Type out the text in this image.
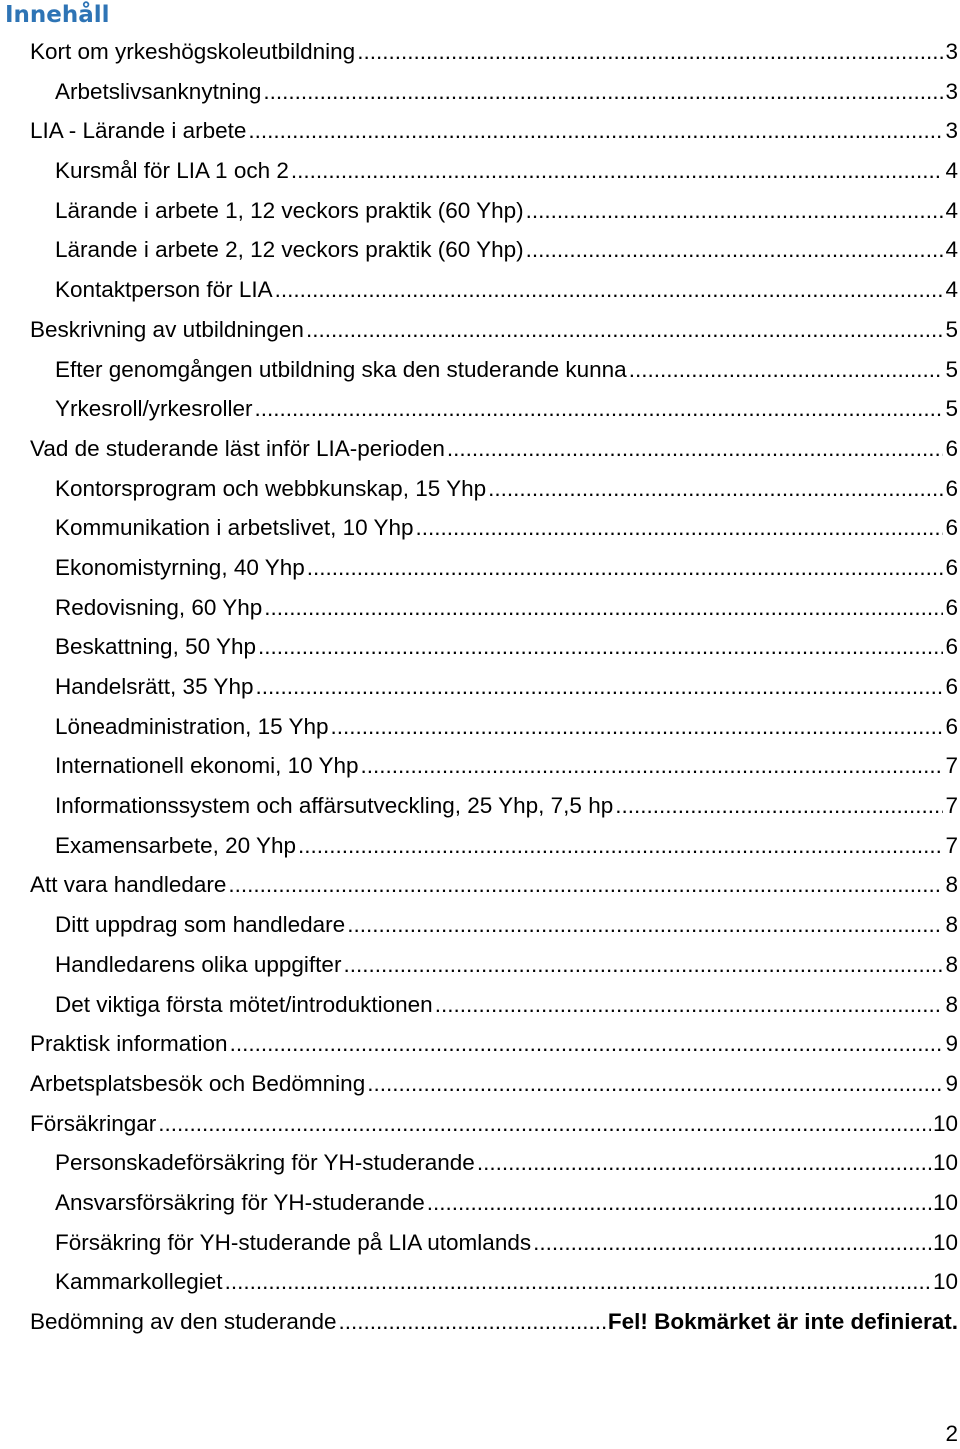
Innehåll
Kort om yrkeshögskoleutbildning .....	3
Arbetslivsanknytning .....	3
LIA - Lärande i arbete .....	3
Kursmål för LIA 1 och 2 .....	4
Lärande i arbete 1, 12 veckors praktik (60 Yhp) .....	4
Lärande i arbete 2, 12 veckors praktik (60 Yhp) .....	4
Kontaktperson för LIA .....	4
Beskrivning av utbildningen .....	5
Efter genomgången utbildning ska den studerande kunna .....	5
Yrkesroll/yrkesroller .....	5
Vad de studerande läst inför LIA-perioden .....	6
Kontorsprogram och webbkunskap, 15 Yhp .....	6
Kommunikation i arbetslivet, 10 Yhp .....	6
Ekonomistyrning, 40 Yhp .....	6
Redovisning, 60 Yhp .....	6
Beskattning, 50 Yhp .....	6
Handelsrätt, 35 Yhp .....	6
Löneadministration, 15 Yhp .....	6
Internationell ekonomi, 10 Yhp .....	7
Informationssystem och affärsutveckling, 25 Yhp, 7,5 hp .....	7
Examensarbete, 20 Yhp .....	7
Att vara handledare .....	8
Ditt uppdrag som handledare .....	8
Handledarens olika uppgifter .....	8
Det viktiga första mötet/introduktionen .....	8
Praktisk information .....	9
Arbetsplatsbesök och Bedömning .....	9
Försäkringar .....	10
Personskadeförsäkring för YH-studerande .....	10
Ansvarsförsäkring för YH-studerande .....	10
Försäkring för YH-studerande på LIA utomlands .....	10
Kammarkollegiet .....	10
Bedömning av den studerande .....	Fel! Bokmärket är inte definierat.
2
